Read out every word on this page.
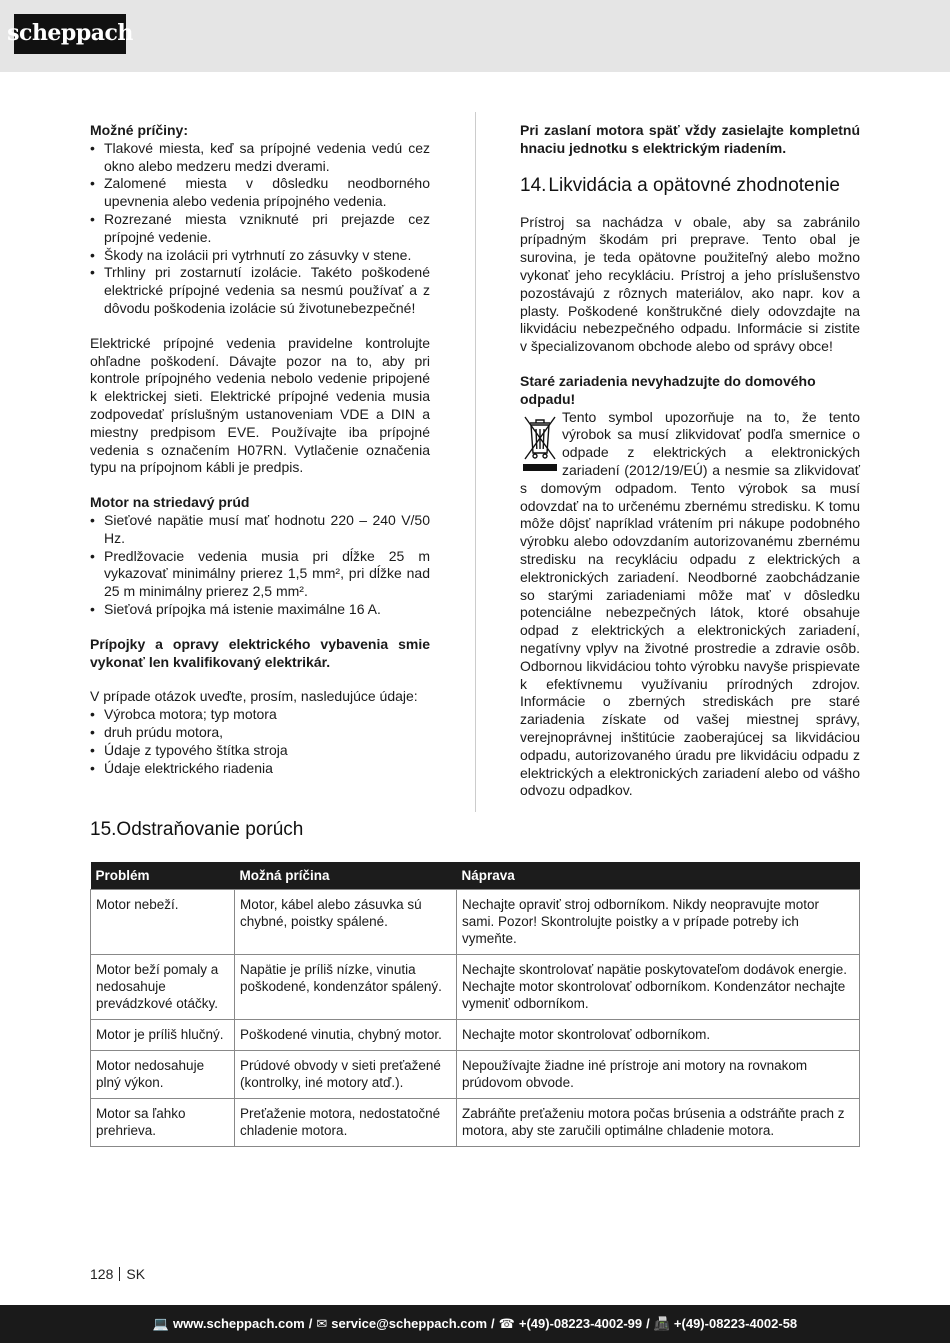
scheppach
Možné príčiny:
• Tlakové miesta, keď sa prípojné vedenia vedú cez okno alebo medzeru medzi dverami.
• Zalomené miesta v dôsledku neodborného upevnenia alebo vedenia prípojného vedenia.
• Rozrezané miesta vzniknuté pri prejazde cez prípojné vedenie.
• Škody na izolácii pri vytrhnutí zo zásuvky v stene.
• Trhliny pri zostarnutí izolácie. Takéto poškodené elektrické prípojné vedenia sa nesmú používať a z dôvodu poškodenia izolácie sú životunebezpečné!

Elektrické prípojné vedenia pravidelne kontrolujte ohľadne poškodení. Dávajte pozor na to, aby pri kontrole prípojného vedenia nebolo vedenie pripojené k elektrickej sieti. Elektrické prípojné vedenia musia zodpovedať príslušným ustanoveniam VDE a DIN a miestny predpisom EVE. Používajte iba prípojné vedenia s označením H07RN. Vytlačenie označenia typu na prípojnom kábli je predpis.

Motor na striedavý prúd
• Sieťové napätie musí mať hodnotu 220 – 240 V/50 Hz.
• Predlžovacie vedenia musia pri dĺžke 25 m vykazovať minimálny prierez 1,5 mm², pri dĺžke nad 25 m minimálny prierez 2,5 mm².
• Sieťová prípojka má istenie maximálne 16 A.

Prípojky a opravy elektrického vybavenia smie vykonať len kvalifikovaný elektrikár.

V prípade otázok uveďte, prosím, nasledujúce údaje:
• Výrobca motora; typ motora
• druh prúdu motora,
• Údaje z typového štítka stroja
• Údaje elektrického riadenia

Pri zaslaní motora späť vždy zasielajte kompletnú hnaciu jednotku s elektrickým riadením.

14. Likvidácia a opätovné zhodnotenie

Prístroj sa nachádza v obale, aby sa zabránilo prípadným škodám pri preprave. Tento obal je surovina, je teda opätovne použiteľný alebo možno vykonať jeho recykláciu. Prístroj a jeho príslušenstvo pozostávajú z rôznych materiálov, ako napr. kov a plasty. Poškodené konštrukčné diely odovzdajte na likvidáciu nebezpečného odpadu. Informácie si zistite v špecializovanom obchode alebo od správy obce!

Staré zariadenia nevyhadzujte do domového odpadu!

Tento symbol upozorňuje na to, že tento výrobok sa musí zlikvidovať podľa smernice o odpade z elektrických a elektronických zariadení (2012/19/EÚ) a nesmie sa zlikvidovať s domovým odpadom. Tento výrobok sa musí odovzdať na to určenému zbernému stredisku. K tomu môže dôjsť napríklad vrátením pri nákupe podobného výrobku alebo odovzdaním autorizovanému zbernému stredisku na recykláciu odpadu z elektrických a elektronických zariadení. Neodborné zaobchádzanie so starými zariadeniami môže mať v dôsledku potenciálne nebezpečných látok, ktoré obsahuje odpad z elektrických a elektronických zariadení, negatívny vplyv na životné prostredie a zdravie osôb. Odbornou likvidáciou tohto výrobku navyše prispievate k efektívnemu využívaniu prírodných zdrojov. Informácie o zberných strediskách pre staré zariadenia získate od vašej miestnej správy, verejnoprávnej inštitúcie zaoberajúcej sa likvidáciou odpadu, autorizovaného úradu pre likvidáciu odpadu z elektrických a elektronických zariadení alebo od vášho odvozu odpadkov.

15.Odstraňovanie porúch
Problém	Možná príčina	Náprava
Motor nebeží.	Motor, kábel alebo zásuvka sú chybné, poistky spálené.	Nechajte opraviť stroj odborníkom. Nikdy neopravujte motor sami. Pozor! Skontrolujte poistky a v prípade potreby ich vymeňte.
Motor beží pomaly a nedosahuje prevádzkové otáčky.	Napätie je príliš nízke, vinutia poškodené, kondenzátor spálený.	Nechajte skontrolovať napätie poskytovateľom dodávok energie. Nechajte motor skontrolovať odborníkom. Kondenzátor nechajte vymeniť odborníkom.
Motor je príliš hlučný.	Poškodené vinutia, chybný motor.	Nechajte motor skontrolovať odborníkom.
Motor nedosahuje plný výkon.	Prúdové obvody v sieti preťažené (kontrolky, iné motory atď.).	Nepoužívajte žiadne iné prístroje ani motory na rovnakom prúdovom obvode.
Motor sa ľahko prehrieva.	Preťaženie motora, nedostatočné chladenie motora.	Zabráňte preťaženiu motora počas brúsenia a odstráňte prach z motora, aby ste zaručili optimálne chladenie motora.
128 SK
💻 www.scheppach.com / ✉ service@scheppach.com / ☎ +(49)-08223-4002-99 / 📠 +(49)-08223-4002-58
